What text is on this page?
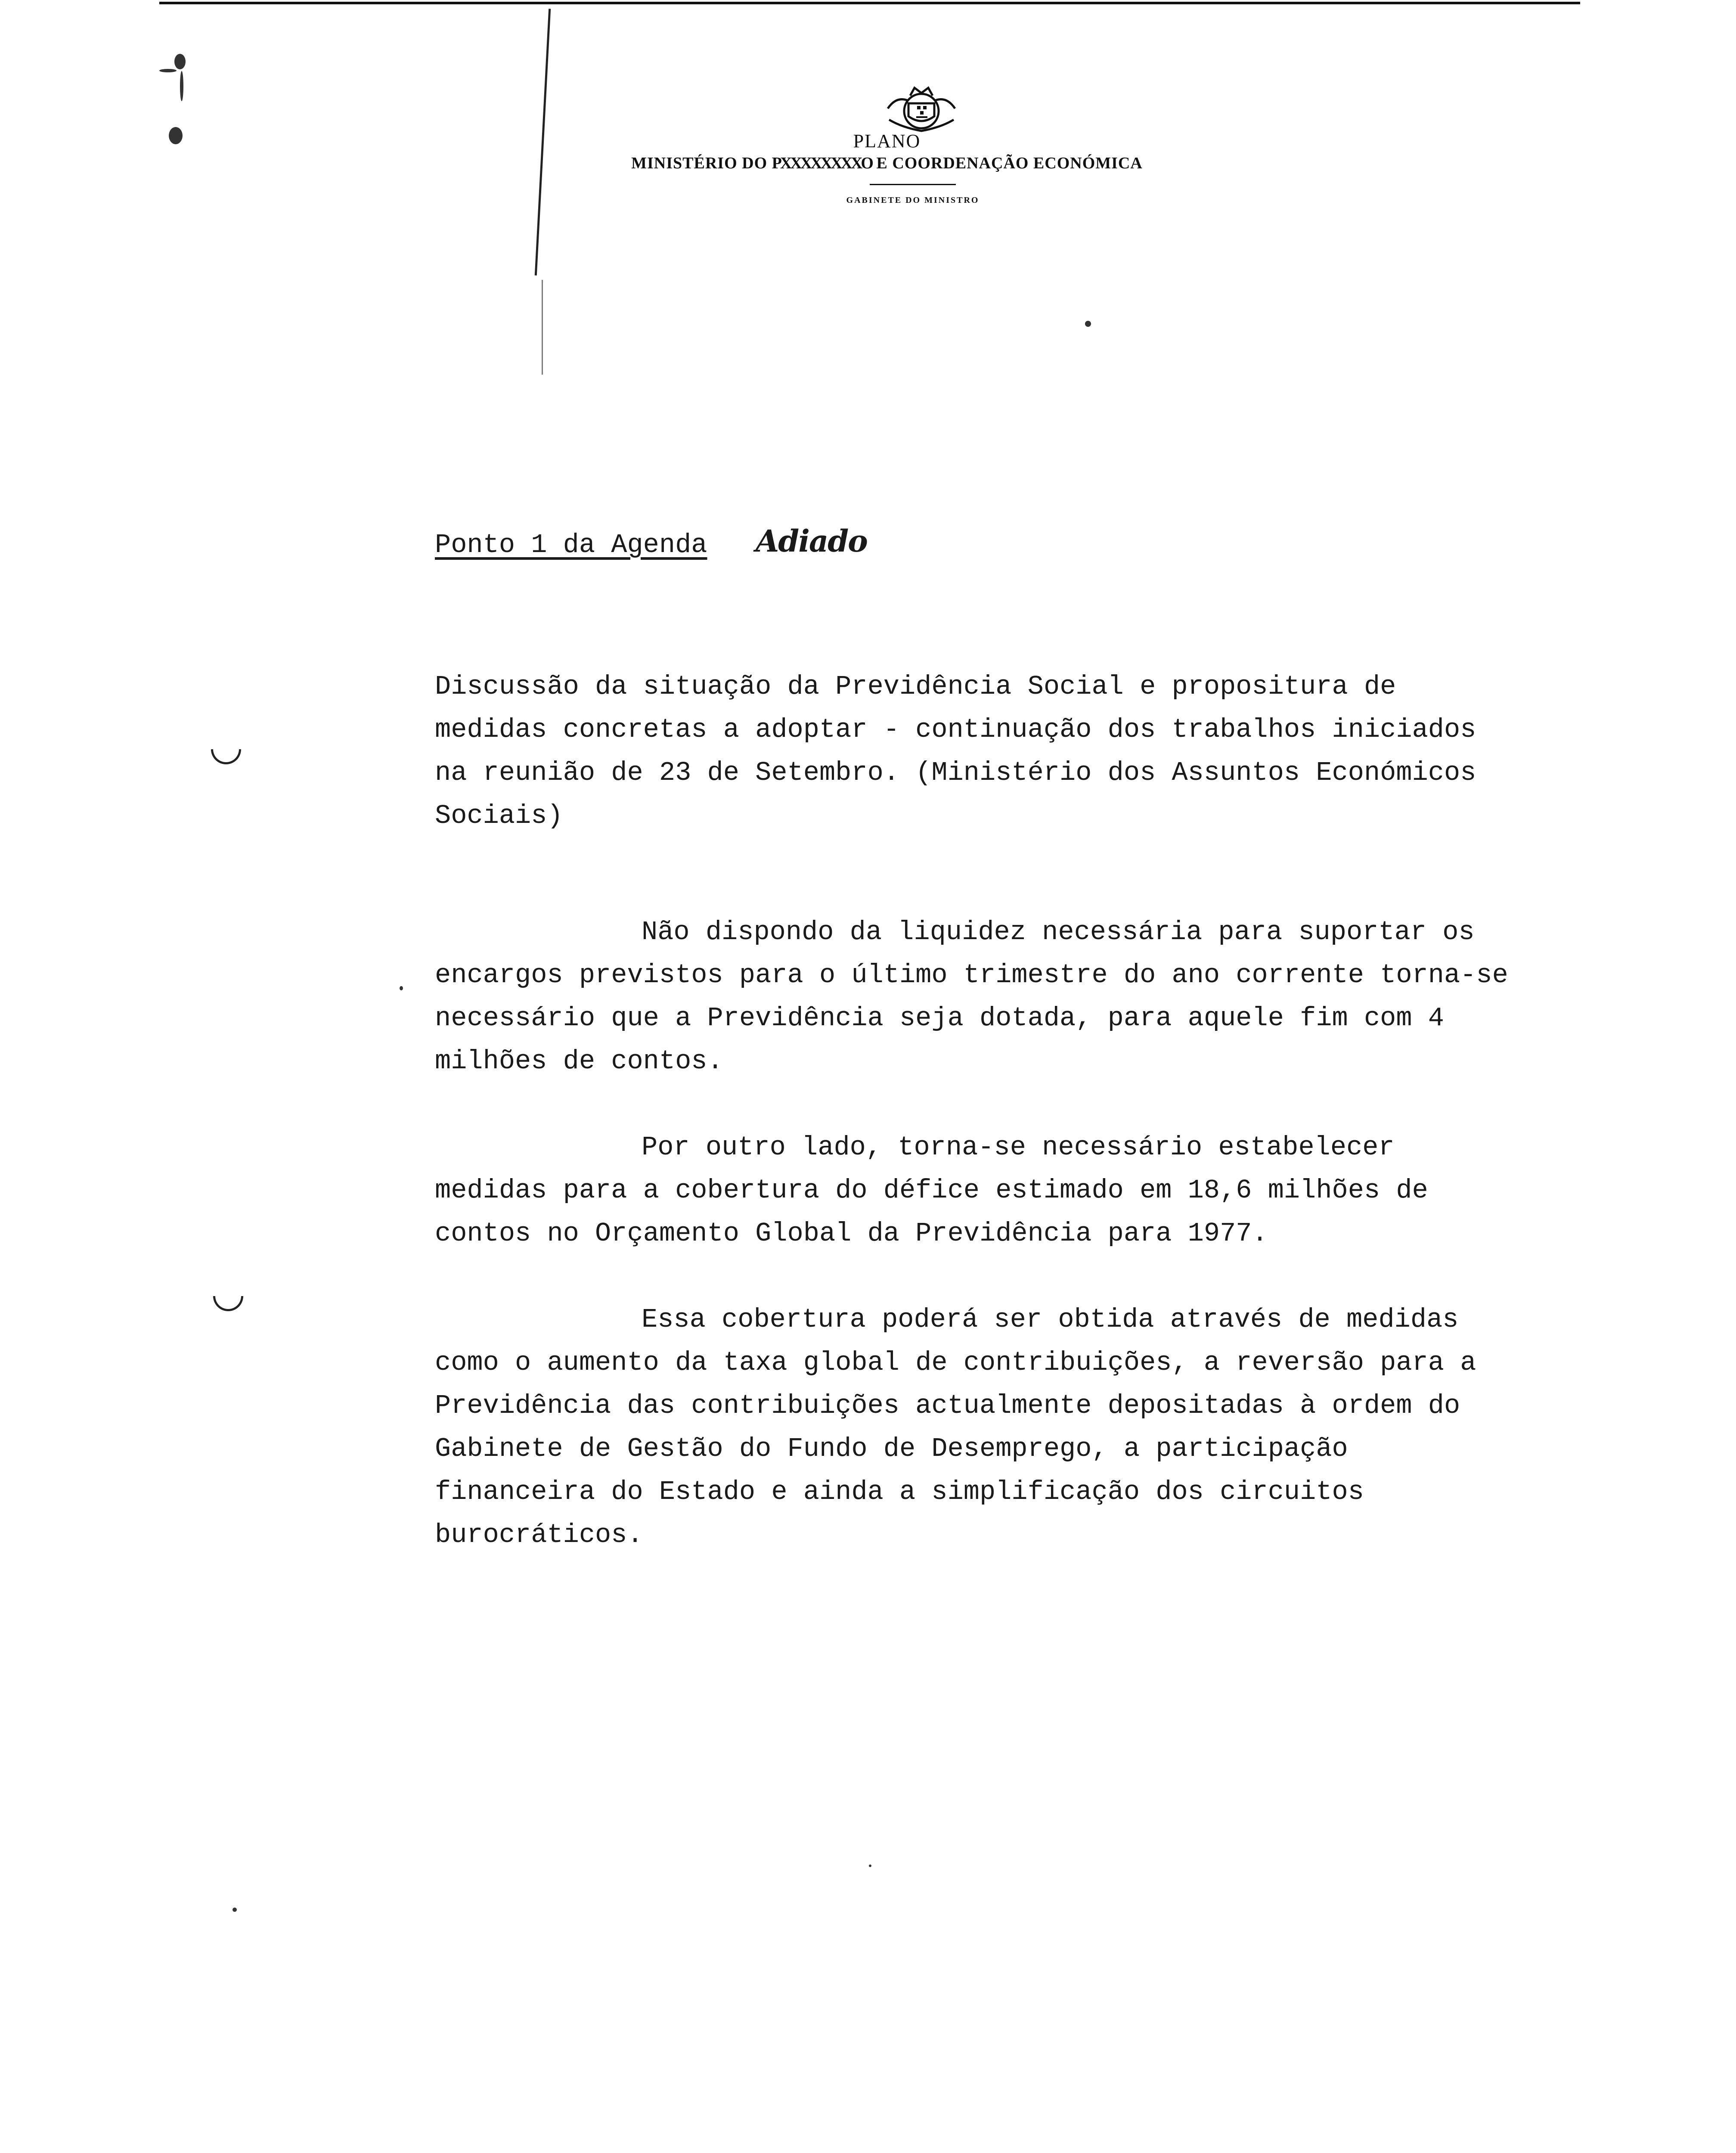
PLANO
MINISTÉRIO DO PXXXXXXXXO E COORDENAÇÃO ECONÓMICA
GABINETE DO MINISTRO
Ponto 1 da Agenda Adiado

Discussão da situação da Previdência Social e propositura de medidas concretas a adoptar - continuação dos trabalhos iniciados na reunião de 23 de Setembro. (Ministério dos Assuntos Económicos Sociais)

Não dispondo da liquidez necessária para suportar os encargos previstos para o último trimestre do ano corrente torna-se necessário que a Previdência seja dotada, para aquele fim com 4 milhões de contos.

Por outro lado, torna-se necessário estabelecer medidas para a cobertura do défice estimado em 18,6 milhões de contos no Orçamento Global da Previdência para 1977.

Essa cobertura poderá ser obtida através de medidas como o aumento da taxa global de contribuições, a reversão para a Previdência das contribuições actualmente depositadas à ordem do Gabinete de Gestão do Fundo de Desemprego, a participação financeira do Estado e ainda a simplificação dos circuitos burocráticos.
